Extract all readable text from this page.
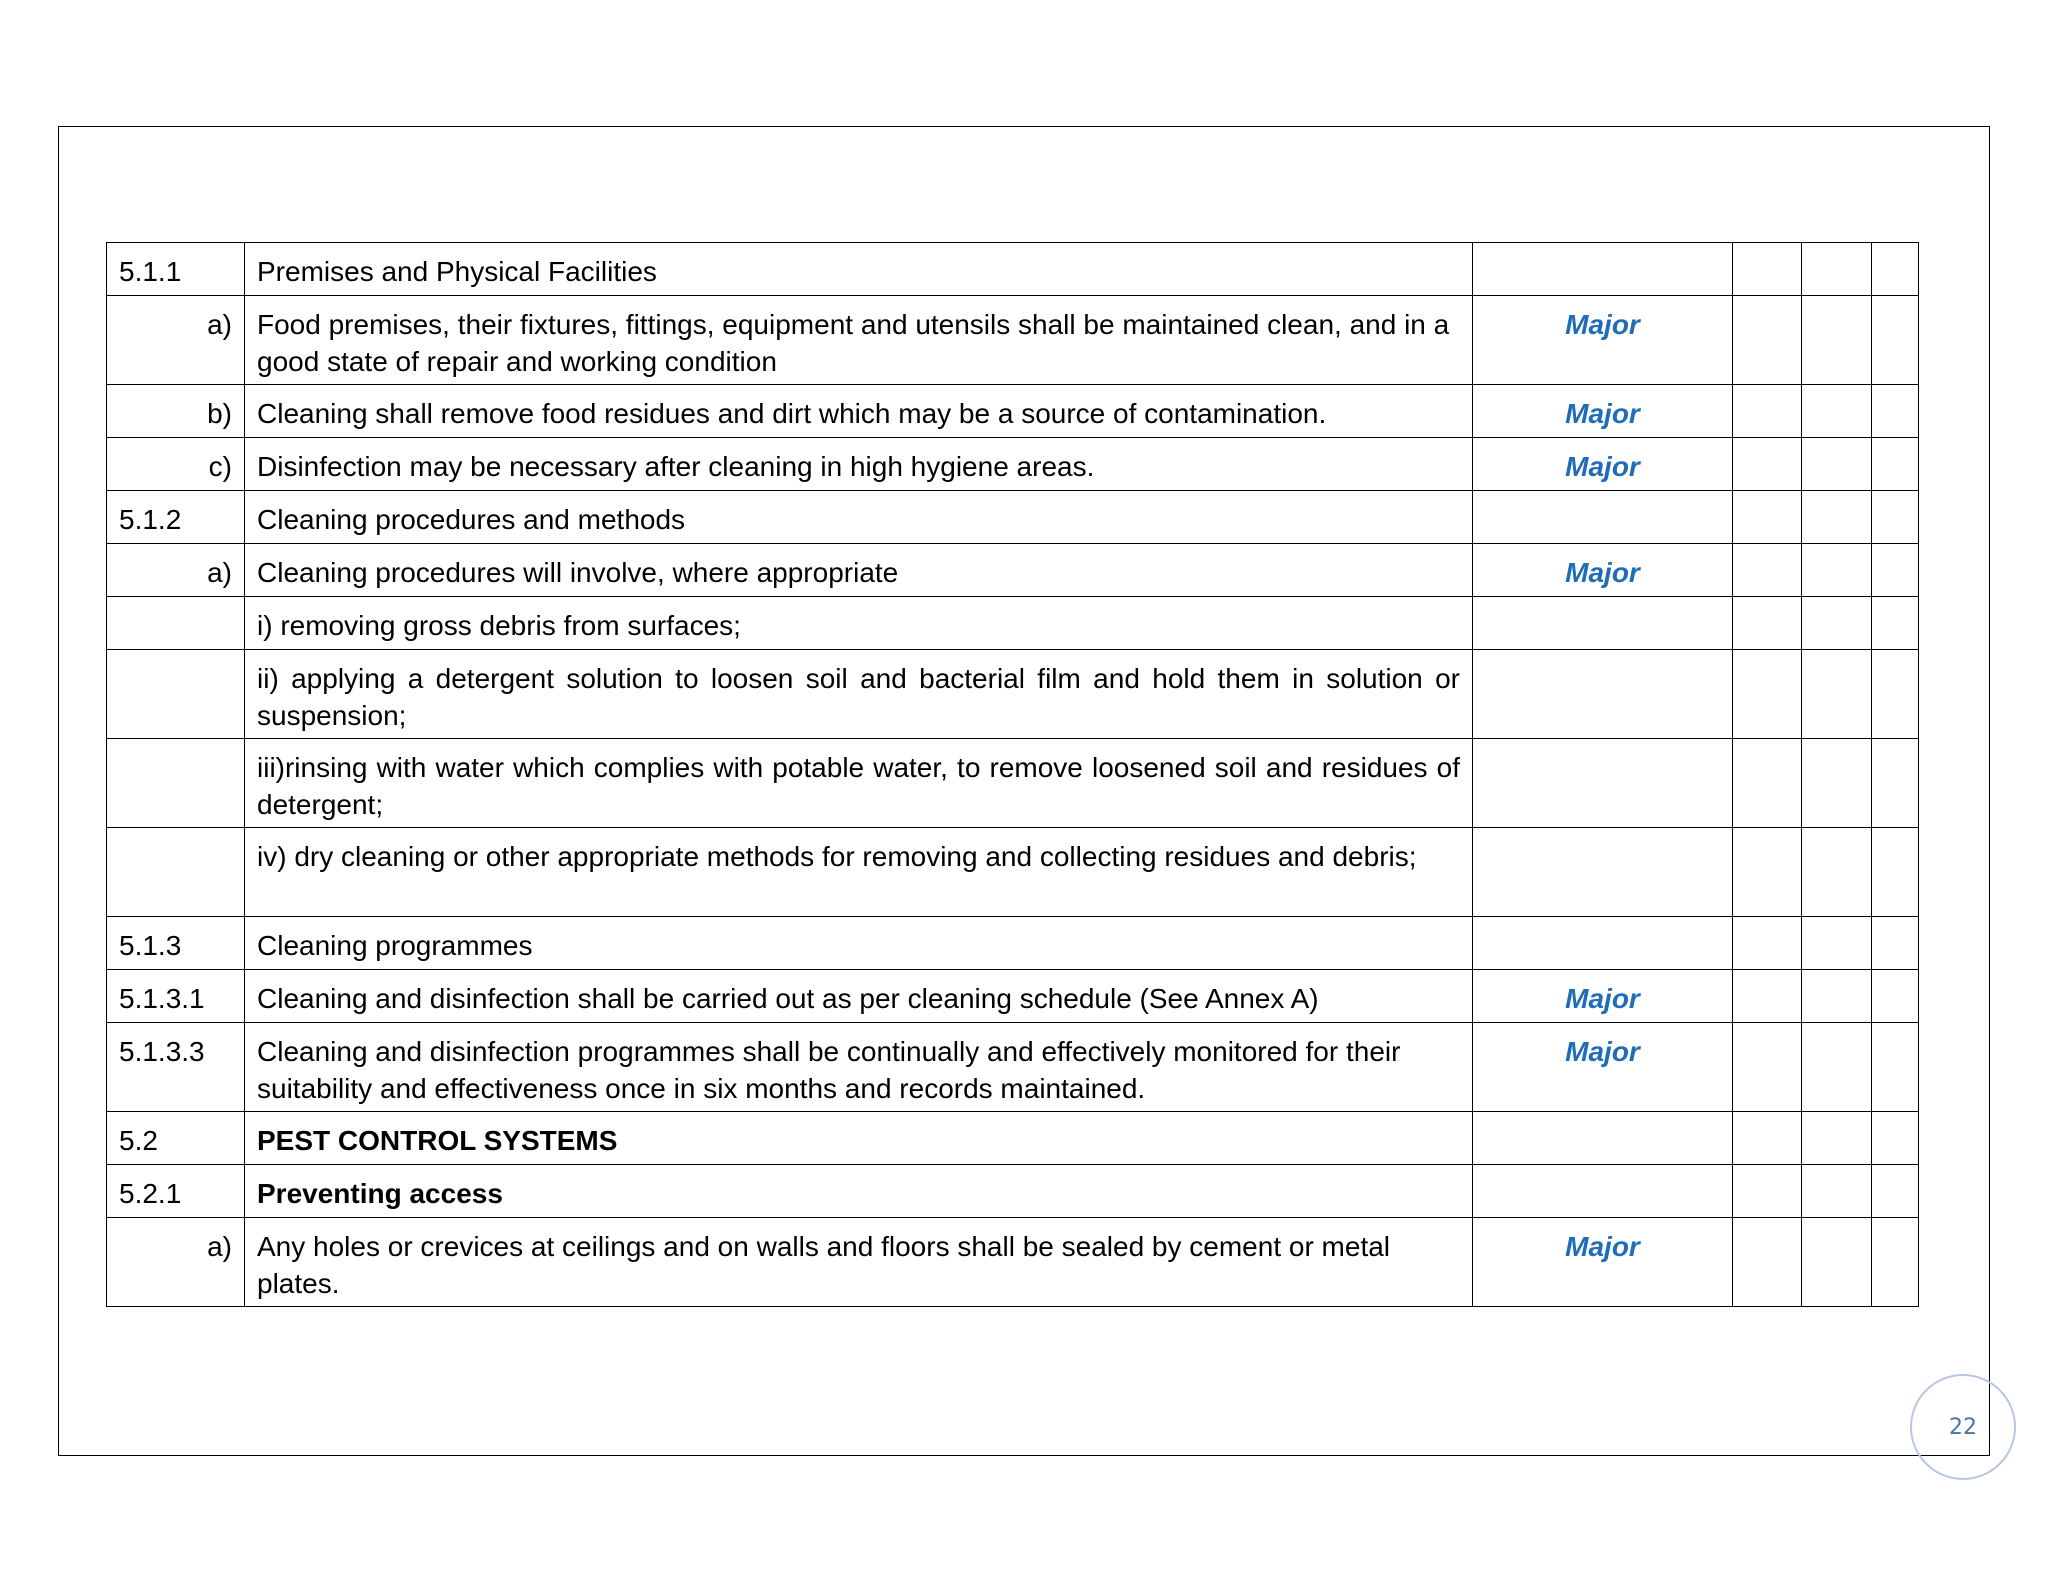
5.1.1	Premises and Physical Facilities				
a)	Food premises, their fixtures, fittings, equipment and utensils shall be maintained clean, and in a good state of repair and working condition	Major			
b)	Cleaning shall remove food residues and dirt which may be a source of contamination.	Major			
c)	Disinfection may be necessary after cleaning in high hygiene areas.	Major			
5.1.2	Cleaning procedures and methods				
a)	Cleaning procedures will involve, where appropriate	Major			
	i) removing gross debris from surfaces;				
	ii) applying a detergent solution to loosen soil and bacterial film and hold them in solution or suspension;				
	iii)rinsing with water which complies with potable water, to remove loosened soil and residues of detergent;				
	iv) dry cleaning or other appropriate methods for removing and collecting residues and debris;				
5.1.3	Cleaning programmes				
5.1.3.1	Cleaning and disinfection shall be carried out as per cleaning schedule (See Annex A)	Major			
5.1.3.3	Cleaning and disinfection programmes shall be continually and effectively monitored for their suitability and effectiveness once in six months and records maintained.	Major			
5.2	PEST CONTROL SYSTEMS				
5.2.1	Preventing access				
a)	Any holes or crevices at ceilings and on walls and floors shall be sealed by cement or metal plates.	Major			
22
